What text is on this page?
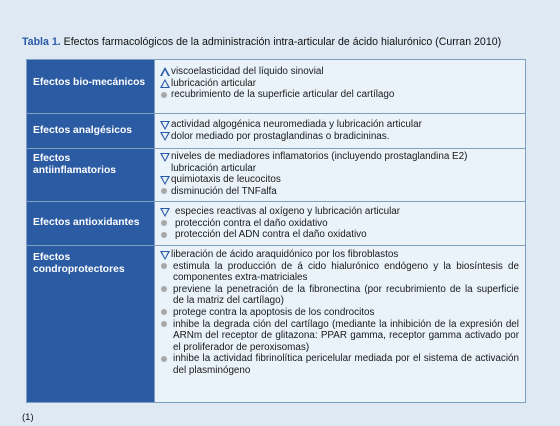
Tabla 1. Efectos farmacológicos de la administración intra-articular de ácido hialurónico (Curran 2010)
Efectos bio-mecánicos
viscoelasticidad del líquido sinovial
lubricación articular
recubrimiento de la superficie articular del cartílago
Efectos analgésicos
actividad algogénica neuromediada y lubricación articular
dolor mediado por prostaglandinas o bradicininas.
Efectos antiinflamatorios
niveles de mediadores inflamatorios (incluyendo prostaglandina E2)
lubricación articular
quimiotaxis de leucocitos
disminución del TNFalfa
Efectos antioxidantes
especies reactivas al oxígeno y lubricación articular
protección contra el daño oxidativo
protección del ADN contra el daño oxidativo
Efectos condroprotectores
liberación de ácido araquidónico por los fibroblastos
estimula la producción de á cido hialurónico endógeno y la biosíntesis de componentes extra-matriciales
previene la penetración de la fibronectina (por recubrimiento de la superficie de la matriz del cartílago)
protege contra la apoptosis de los condrocitos
inhibe la degrada ción del cartílago (mediante la inhibición de la expresión del ARNm del receptor de glitazona: PPAR gamma, receptor gamma activado por el proliferador de peroxisomas)
inhibe la actividad fibrinolítica pericelular mediada por el sistema de activación del plasminógeno
(1)
